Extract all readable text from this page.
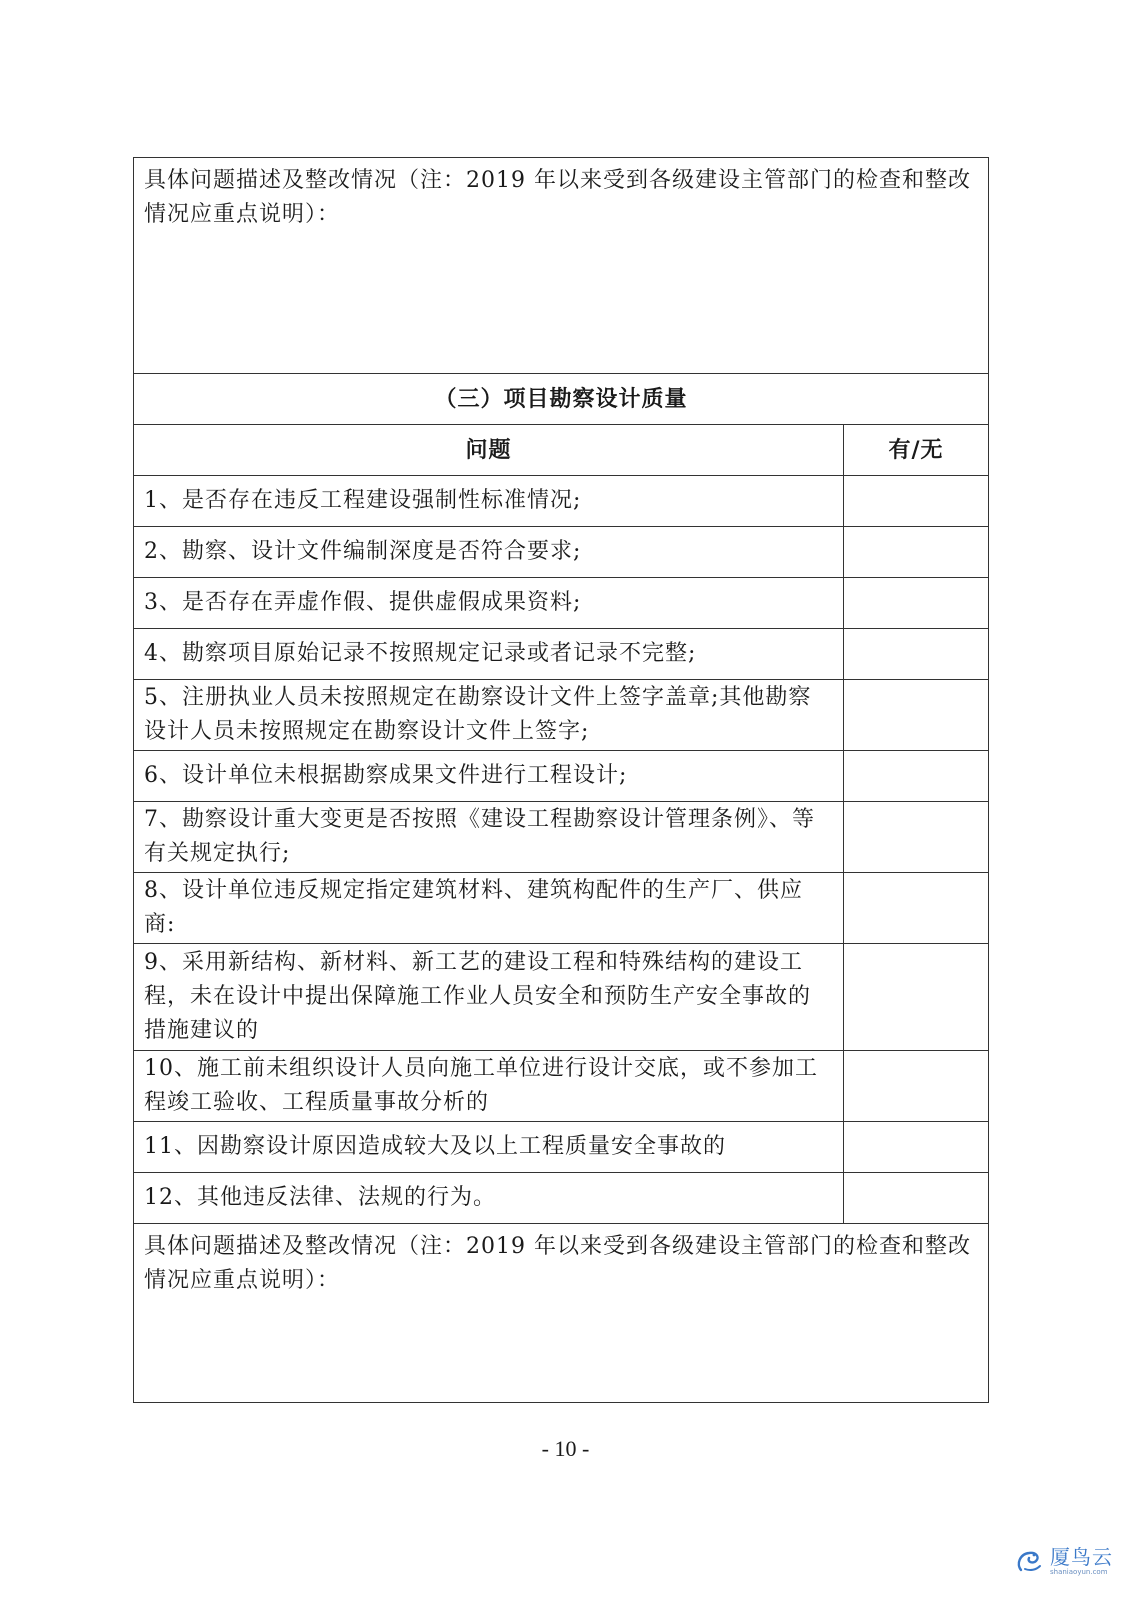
具体问题描述及整改情况（注：2019 年以来受到各级建设主管部门的检查和整改情况应重点说明）：	
（三）项目勘察设计质量	
问题	有/无
1、是否存在违反工程建设强制性标准情况;	
2、勘察、设计文件编制深度是否符合要求;	
3、是否存在弄虚作假、提供虚假成果资料;	
4、勘察项目原始记录不按照规定记录或者记录不完整;	
5、注册执业人员未按照规定在勘察设计文件上签字盖章;其他勘察设计人员未按照规定在勘察设计文件上签字;	
6、设计单位未根据勘察成果文件进行工程设计;	
7、勘察设计重大变更是否按照《建设工程勘察设计管理条例》、等有关规定执行;	
8、设计单位违反规定指定建筑材料、建筑构配件的生产厂、供应商:	
9、采用新结构、新材料、新工艺的建设工程和特殊结构的建设工程，未在设计中提出保障施工作业人员安全和预防生产安全事故的措施建议的	
10、施工前未组织设计人员向施工单位进行设计交底，或不参加工程竣工验收、工程质量事故分析的	
11、因勘察设计原因造成较大及以上工程质量安全事故的	
12、其他违反法律、法规的行为。	
具体问题描述及整改情况（注：2019 年以来受到各级建设主管部门的检查和整改情况应重点说明）：	
- 10 -
厦鸟云
shaniaoyun.com
